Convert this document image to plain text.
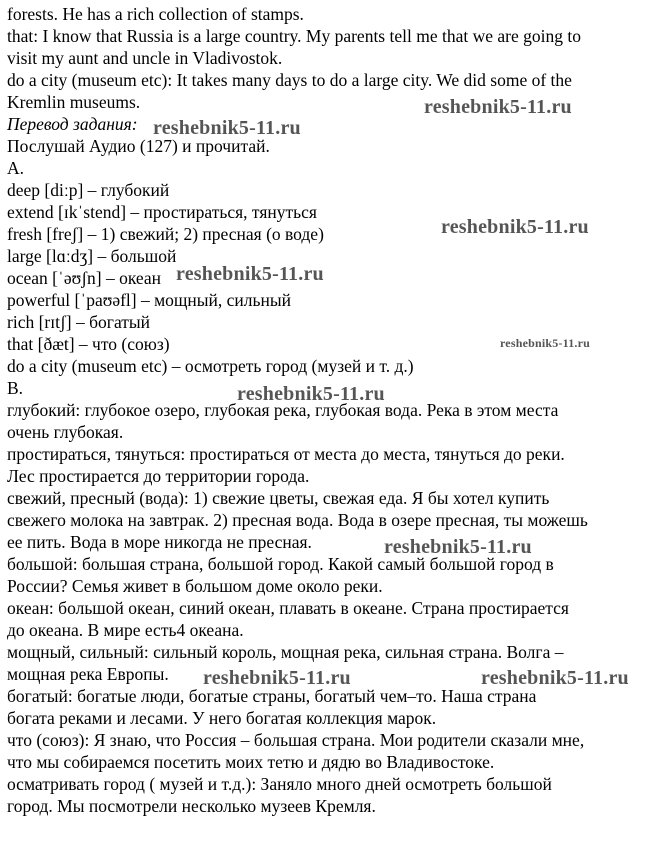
forests. He has a rich collection of stamps.
that: I know that Russia is a large country. My parents tell me that we are going to
visit my aunt and uncle in Vladivostok.
do a city (museum etc): It takes many days to do a large city. We did some of the
Kremlin museums.
Перевод задания:
Послушай Аудио (127) и прочитай.
A.
deep [diːp] – глубокий
extend [ɪkˈstend] – простираться, тянуться
fresh [freʃ] – 1) свежий; 2) пресная (о воде)
large [lɑːdʒ] – большой
ocean [ˈəʊʃn] – океан
powerful [ˈpaʊəfl] – мощный, сильный
rich [rɪtʃ] – богатый
that [ðæt] – что (союз)
do a city (museum etc) – осмотреть город (музей и т. д.)
B.
глубокий: глубокое озеро, глубокая река, глубокая вода. Река в этом места
очень глубокая.
простираться, тянуться: простираться от места до места, тянуться до реки.
Лес простирается до территории города.
свежий, пресный (вода): 1) свежие цветы, свежая еда. Я бы хотел купить
свежего молока на завтрак. 2) пресная вода. Вода в озере пресная, ты можешь
ее пить. Вода в море никогда не пресная.
большой: большая страна, большой город. Какой самый большой город в
России? Семья живет в большом доме около реки.
океан: большой океан, синий океан, плавать в океане. Страна простирается
до океана. В мире есть4 океана.
мощный, сильный: сильный король, мощная река, сильная страна. Волга –
мощная река Европы.
богатый: богатые люди, богатые страны, богатый чем–то. Наша страна
богата реками и лесами. У него богатая коллекция марок.
что (союз): Я знаю, что Россия – большая страна. Мои родители сказали мне,
что мы собираемся посетить моих тетю и дядю во Владивостоке.
осматривать город ( музей и т.д.): Заняло много дней осмотреть большой
город. Мы посмотрели несколько музеев Кремля.
reshebnik5-11.ru
reshebnik5-11.ru
reshebnik5-11.ru
reshebnik5-11.ru
reshebnik5-11.ru
reshebnik5-11.ru
reshebnik5-11.ru
reshebnik5-11.ru	reshebnik5-11.ru
